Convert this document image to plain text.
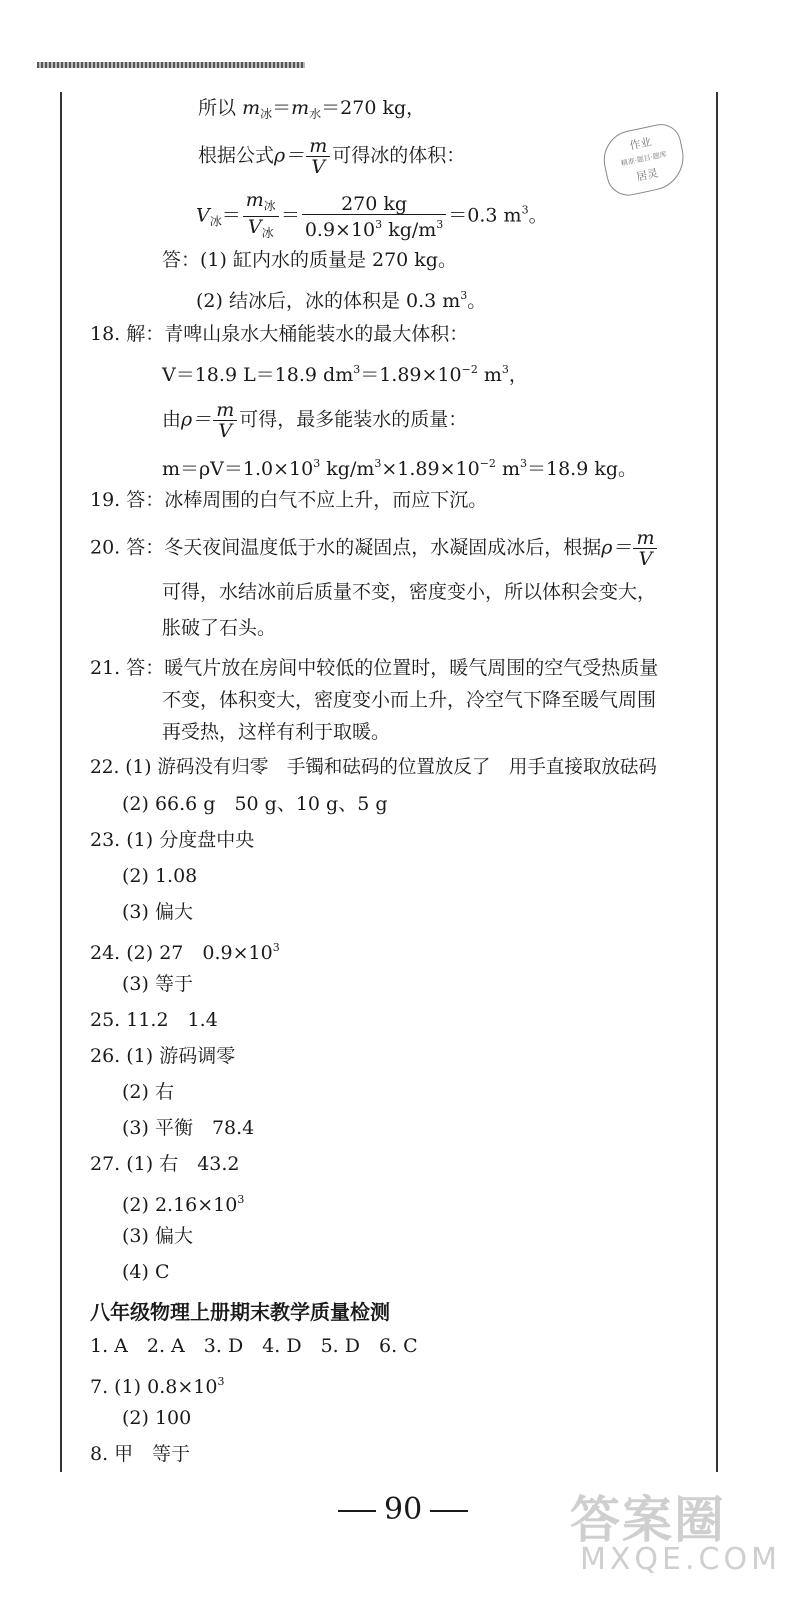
作业
精准·题目·题库
居灵
所以 $m_冰=m_水=270$ kg，
根据公式$\rho= \frac{m}{V}$ 可得冰的体积：
$V_冰= \frac{m_冰}{V_冰} = \frac{270 kg}{0.9\times 10^3 kg/m^3} =0.3$ $m^3$。
答：(1) 缸内水的质量是 270 kg。
(2) 结冰后，冰的体积是 0.3 $m^3$。
18. 解：青啤山泉水大桶能装水的最大体积：
V＝18.9 L＝18.9 $dm^3=1.89\times 10^{-2}$ $m^3$，
由$\rho= \frac{m}{V}$ 可得，最多能装水的质量：
$m=\rho V=1.0\times 10^3$ $kg/m^3\times 1.89\times 10^{-2}$ $m^3=18.9$ kg。
19. 答：冰棒周围的白气不应上升，而应下沉。
20. 答：冬天夜间温度低于水的凝固点，水凝固成冰后，根据$\rho= \frac{m}{V}$
可得，水结冰前后质量不变，密度变小，所以体积会变大，
胀破了石头。
21. 答：暖气片放在房间中较低的位置时，暖气周围的空气受热质量
不变，体积变大，密度变小而上升，冷空气下降至暖气周围
再受热，这样有利于取暖。
22. (1) 游码没有归零　手镯和砝码的位置放反了　用手直接取放砝码
(2) 66.6 g　50 g、10 g、5 g
23. (1) 分度盘中央
(2) 1.08
(3) 偏大
24. (2) 27　$0.9\times 10^3$
(3) 等于
25. 11.2　1.4
26. (1) 游码调零
(2) 右
(3) 平衡　78.4
27. (1) 右　43.2
(2) $2.16\times 10^3$
(3) 偏大
(4) C
八年级物理上册期末教学质量检测
1. A　2. A　3. D　4. D　5. D　6. C
7. (1) $0.8\times 10^3$
(2) 100
8. 甲　等于
90	答案圈
MXQE.COM
